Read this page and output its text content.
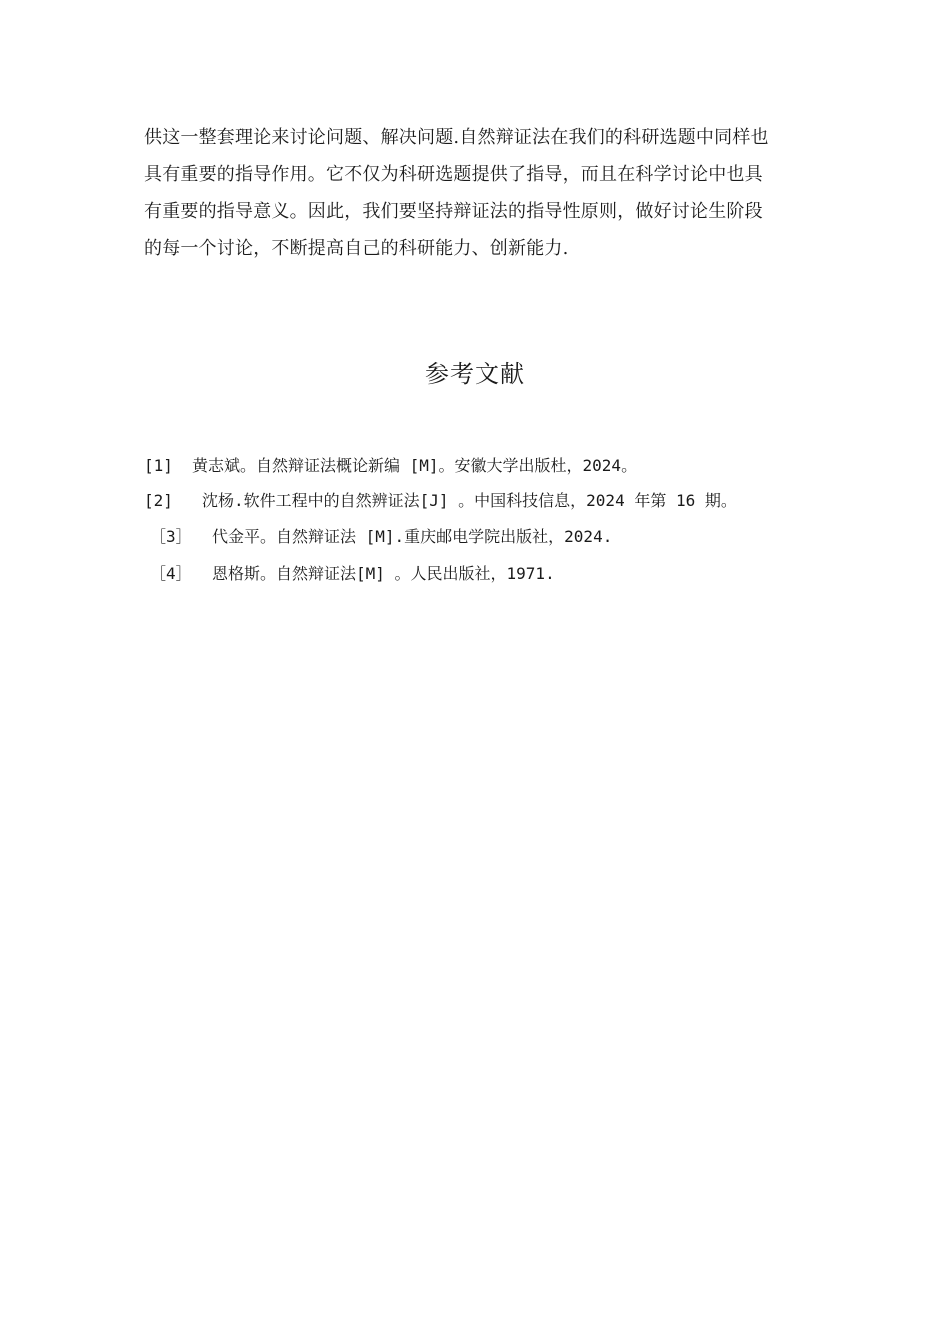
供这一整套理论来讨论问题、解决问题.自然辩证法在我们的科研选题中同样也
具有重要的指导作用。它不仅为科研选题提供了指导，而且在科学讨论中也具
有重要的指导意义。因此，我们要坚持辩证法的指导性原则，做好讨论生阶段
的每一个讨论，不断提高自己的科研能力、创新能力.
参考文献
[1] 黄志斌。自然辩证法概论新编 [M]。安徽大学出版杜，2024。
[2] 沈杨.软件工程中的自然辨证法[J] 。中国科技信息，2024 年第 16 期。
［3］ 代金平。自然辩证法 [M].重庆邮电学院出版社，2024.
［4］ 恩格斯。自然辩证法[M] 。人民出版社，1971.
